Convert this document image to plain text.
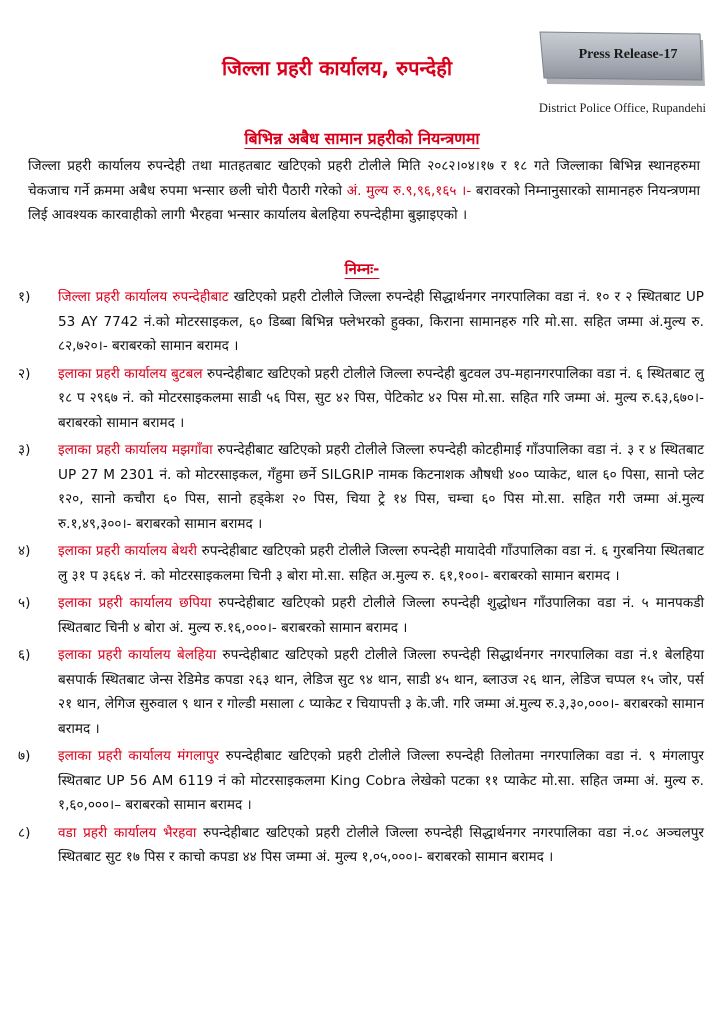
Press Release-17
जिल्ला प्रहरी कार्यालय, रुपन्देही
District Police Office, Rupandehi
बिभिन्न अबैध सामान प्रहरीको नियन्त्रणमा

जिल्ला प्रहरी कार्यालय रुपन्देही तथा मातहतबाट खटिएको प्रहरी टोलीले मिति २०८२।०४।१७ र १८ गते जिल्लाका बिभिन्न स्थानहरुमा चेकजाच गर्ने क्रममा अबैध रुपमा भन्सार छली चोरी पैठारी गरेको अं. मुल्य रु.९,९६,१६५ ।- बरावरको निम्नानुसारको सामानहरु नियन्त्रणमा लिई आवश्यक कारवाहीको लागी भैरहवा भन्सार कार्यालय बेलहिया रुपन्देहीमा बुझाइएको ।

निम्नः-
१)	जिल्ला प्रहरी कार्यालय रुपन्देहीबाट खटिएको प्रहरी टोलीले जिल्ला रुपन्देही सिद्धार्थनगर नगरपालिका वडा नं. १० र २ स्थितबाट UP 53 AY 7742 नं.को मोटरसाइकल, ६० डिब्बा बिभिन्न फ्लेभरको हुक्का, किराना सामानहरु गरि मो.सा. सहित जम्मा अं.मुल्य रु. ८२,७२०।- बराबरको सामान बरामद ।
२)	इलाका प्रहरी कार्यालय बुटबल रुपन्देहीबाट खटिएको प्रहरी टोलीले जिल्ला रुपन्देही बुटवल उप-महानगरपालिका वडा नं. ६ स्थितबाट लु १८ प २९६७ नं. को मोटरसाइकलमा साडी ५६ पिस, सुट ४२ पिस, पेटिकोट ४२ पिस मो.सा. सहित गरि जम्मा अं. मुल्य रु.६३,६७०।- बराबरको सामान बरामद ।
३)	इलाका प्रहरी कार्यालय मझगाँवा रुपन्देहीबाट खटिएको प्रहरी टोलीले जिल्ला रुपन्देही कोटहीमाई गाँउपालिका वडा नं. ३ र ४ स्थितबाट UP 27 M 2301 नं. को मोटरसाइकल, गँहुमा छर्ने SILGRIP नामक किटनाशक औषधी ४०० प्याकेट, थाल ६० पिसा, सानो प्लेट १२०, सानो कचौरा ६० पिस, सानो हड्केश २० पिस, चिया ट्रे १४ पिस, चम्चा ६० पिस मो.सा. सहित गरी जम्मा अं.मुल्य रु.१,४९,३००।- बराबरको सामान बरामद ।
४)	इलाका प्रहरी कार्यालय बेथरी रुपन्देहीबाट खटिएको प्रहरी टोलीले जिल्ला रुपन्देही मायादेवी गाँउपालिका वडा नं. ६ गुरबनिया स्थितबाट लु ३१ प ३६६४ नं. को मोटरसाइकलमा चिनी ३ बोरा मो.सा. सहित अ.मुल्य रु. ६१,१००।- बराबरको सामान बरामद ।
५)	इलाका प्रहरी कार्यालय छपिया रुपन्देहीबाट खटिएको प्रहरी टोलीले जिल्ला रुपन्देही शुद्धोधन गाँउपालिका वडा नं. ५ मानपकडी स्थितबाट चिनी ४ बोरा अं. मुल्य रु.१६,०००।- बराबरको सामान बरामद ।
६)	इलाका प्रहरी कार्यालय बेलहिया रुपन्देहीबाट खटिएको प्रहरी टोलीले जिल्ला रुपन्देही सिद्धार्थनगर नगरपालिका वडा नं.१ बेलहिया बसपार्क स्थितबाट जेन्स रेडिमेड कपडा २६३ थान, लेडिज सुट ९४ थान, साडी ४५ थान, ब्लाउज २६ थान, लेडिज चप्पल १५ जोर, पर्स २१ थान, लेगिज सुरुवाल ९ थान र गोल्डी मसाला ८ प्याकेट र चियापत्ती ३ के.जी. गरि जम्मा अं.मुल्य रु.३,३०,०००।- बराबरको सामान बरामद ।
७)	इलाका प्रहरी कार्यालय मंगलापुर रुपन्देहीबाट खटिएको प्रहरी टोलीले जिल्ला रुपन्देही तिलोतमा नगरपालिका वडा नं. ९ मंगलापुर स्थितबाट UP 56 AM 6119 नं को मोटरसाइकलमा King Cobra लेखेको पटका ११ प्याकेट मो.सा. सहित जम्मा अं. मुल्य रु. १,६०,०००।– बराबरको सामान बरामद ।
८)	वडा प्रहरी कार्यालय भैरहवा रुपन्देहीबाट खटिएको प्रहरी टोलीले जिल्ला रुपन्देही सिद्धार्थनगर नगरपालिका वडा नं.०८ अञ्चलपुर स्थितबाट सुट १७ पिस र काचो कपडा ४४ पिस जम्मा अं. मुल्य १,०५,०००।- बराबरको सामान बरामद ।
